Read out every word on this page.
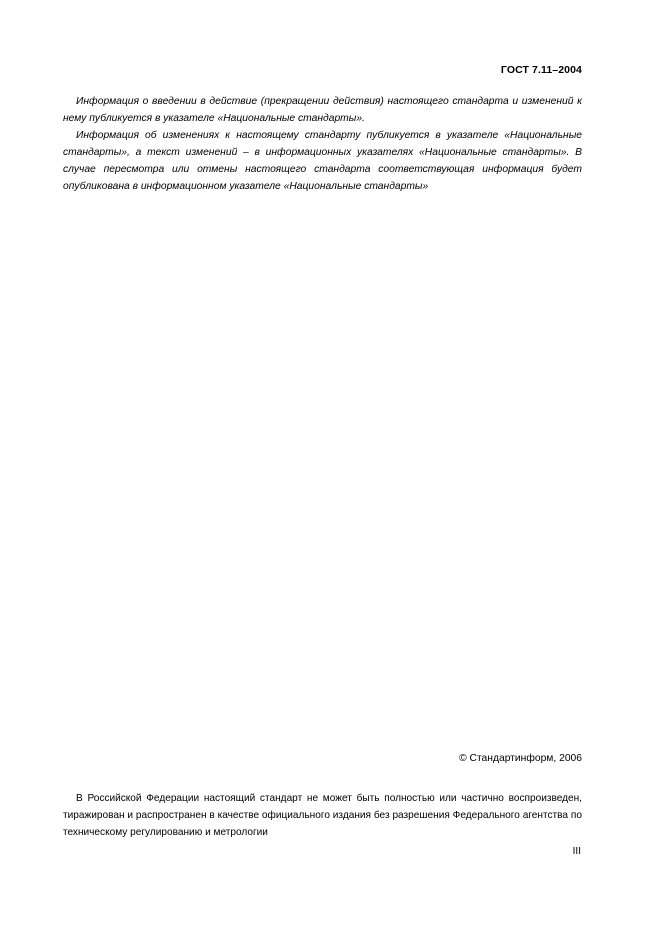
ГОСТ 7.11–2004

Информация о введении в действие (прекращении действия) настоящего стандарта и изменений к нему публикуется в указателе «Национальные стандарты».

Информация об изменениях к настоящему стандарту публикуется в указателе «Национальные стандарты», а текст изменений – в информационных указателях «Национальные стандарты». В случае пересмотра или отмены настоящего стандарта соответствующая информация будет опубликована в информационном указателе «Национальные стандарты»

© Стандартинформ, 2006

В Российской Федерации настоящий стандарт не может быть полностью или частично воспроизведен, тиражирован и распространен в качестве официального издания без разрешения Федерального агентства по техническому регулированию и метрологии

III
